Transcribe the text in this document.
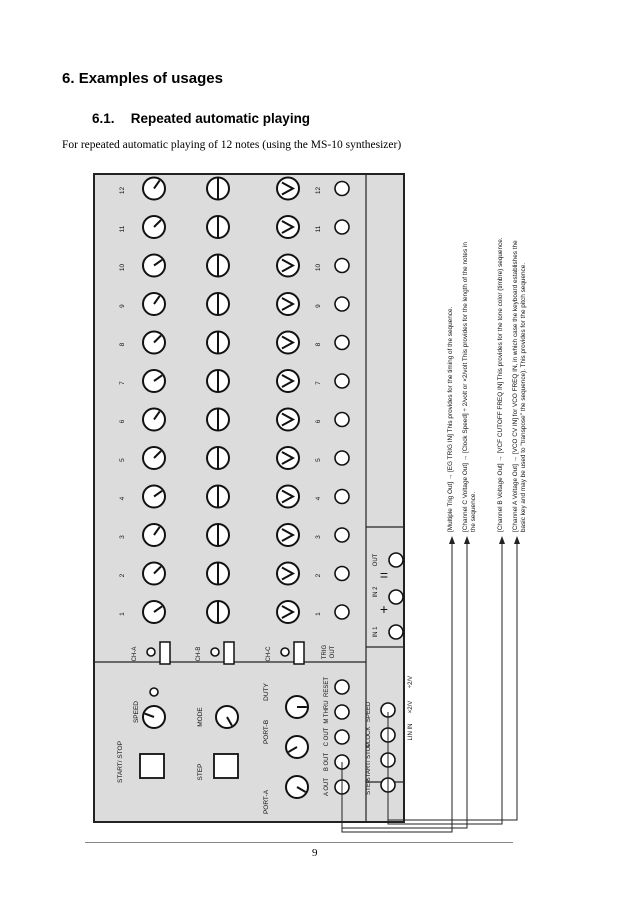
6. Examples of usages
6.1. Repeated automatic playing

For repeated automatic playing of 12 notes (using the MS-10 synthesizer)

1	1
2	2
3	3
4	4
5	5
6	6
7	7
8	8
9	9
10	10
11	11
12	12
CH-A	CH-B	CH-C	TRIG OUT
IN 1
IN 2
OUT
+
=
START/ STOP
SPEED
STEP
MODE
PORT-A
PORT-B
DUTY
A OUT
B OUT
C OUT
M THRU
RESET
STEP
START/ STOP
CLOCK
SPEED
LIN IN
×2/V
÷2/V
[Multiple Trig Out] → [EG TRIG IN] This provides for the timing of the sequence. [Channel C Voltage Out] → [Clock Speed] ÷ 2/volt or ×2/volt This provides for the length of the notes in the sequence.	[Channel B Voltage Out] → [VCF CUTOFF FREQ IN] This provides for the tone color (timbre) sequence. [Channel A Voltage Out] → [VCO CV IN] for VCO FREQ IN, in which case the keyboard establishes the basic key and may be used to "transpose" the sequence). This provides for the pitch sequence.
9
